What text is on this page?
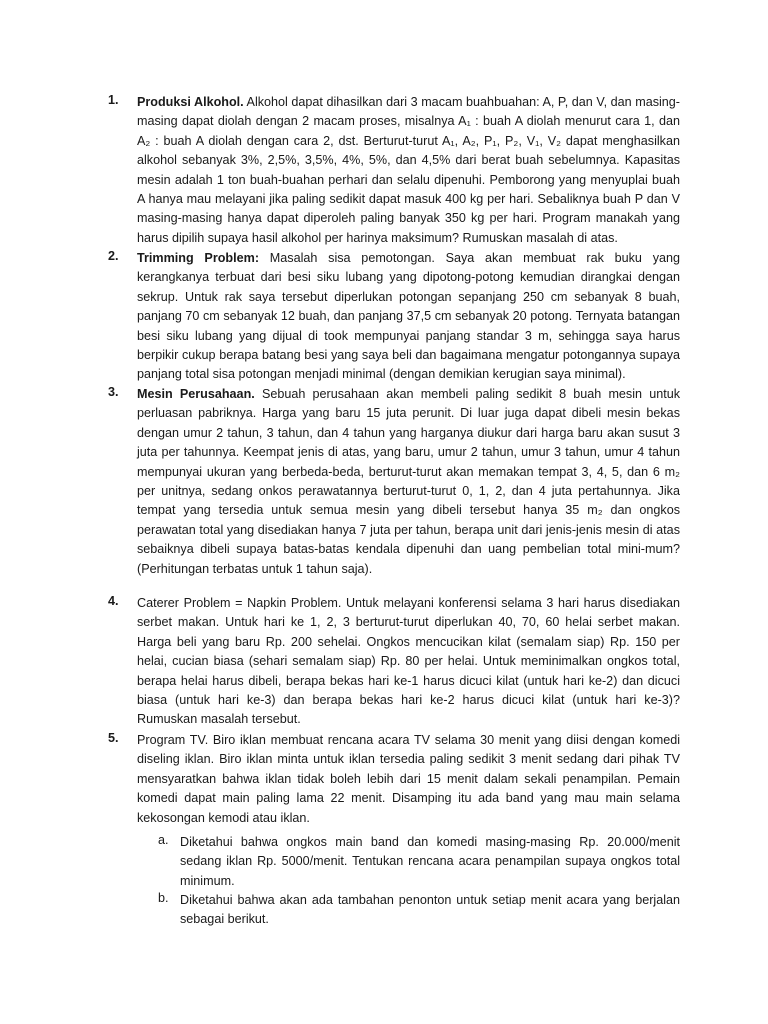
1. Produksi Alkohol. Alkohol dapat dihasilkan dari 3 macam buahbuahan: A, P, dan V, dan masing-masing dapat diolah dengan 2 macam proses, misalnya A₁ : buah A diolah menurut cara 1, dan A₂ : buah A diolah dengan cara 2, dst. Berturut-turut A₁, A₂, P₁, P₂, V₁, V₂ dapat menghasilkan alkohol sebanyak 3%, 2,5%, 3,5%, 4%, 5%, dan 4,5% dari berat buah sebelumnya. Kapasitas mesin adalah 1 ton buah-buahan perhari dan selalu dipenuhi. Pemborong yang menyuplai buah A hanya mau melayani jika paling sedikit dapat masuk 400 kg per hari. Sebaliknya buah P dan V masing-masing hanya dapat diperoleh paling banyak 350 kg per hari. Program manakah yang harus dipilih supaya hasil alkohol per harinya maksimum? Rumuskan masalah di atas.
2. Trimming Problem: Masalah sisa pemotongan. Saya akan membuat rak buku yang kerangkanya terbuat dari besi siku lubang yang dipotong-potong kemudian dirangkai dengan sekrup. Untuk rak saya tersebut diperlukan potongan sepanjang 250 cm sebanyak 8 buah, panjang 70 cm sebanyak 12 buah, dan panjang 37,5 cm sebanyak 20 potong. Ternyata batangan besi siku lubang yang dijual di took mempunyai panjang standar 3 m, sehingga saya harus berpikir cukup berapa batang besi yang saya beli dan bagaimana mengatur potongannya supaya panjang total sisa potongan menjadi minimal (dengan demikian kerugian saya minimal).
3. Mesin Perusahaan. Sebuah perusahaan akan membeli paling sedikit 8 buah mesin untuk perluasan pabriknya. Harga yang baru 15 juta perunit. Di luar juga dapat dibeli mesin bekas dengan umur 2 tahun, 3 tahun, dan 4 tahun yang harganya diukur dari harga baru akan susut 3 juta per tahunnya. Keempat jenis di atas, yang baru, umur 2 tahun, umur 3 tahun, umur 4 tahun mempunyai ukuran yang berbeda-beda, berturut-turut akan memakan tempat 3, 4, 5, dan 6 m₂ per unitnya, sedang onkos perawatannya berturut-turut 0, 1, 2, dan 4 juta pertahunnya. Jika tempat yang tersedia untuk semua mesin yang dibeli tersebut hanya 35 m₂ dan ongkos perawatan total yang disediakan hanya 7 juta per tahun, berapa unit dari jenis-jenis mesin di atas sebaiknya dibeli supaya batas-batas kendala dipenuhi dan uang pembelian total mini-mum? (Perhitungan terbatas untuk 1 tahun saja).
4. Caterer Problem = Napkin Problem. Untuk melayani konferensi selama 3 hari harus disediakan serbet makan. Untuk hari ke 1, 2, 3 berturut-turut diperlukan 40, 70, 60 helai serbet makan. Harga beli yang baru Rp. 200 sehelai. Ongkos mencucikan kilat (semalam siap) Rp. 150 per helai, cucian biasa (sehari semalam siap) Rp. 80 per helai. Untuk meminimalkan ongkos total, berapa helai harus dibeli, berapa bekas hari ke-1 harus dicuci kilat (untuk hari ke-2) dan dicuci biasa (untuk hari ke-3) dan berapa bekas hari ke-2 harus dicuci kilat (untuk hari ke-3)? Rumuskan masalah tersebut.
5. Program TV. Biro iklan membuat rencana acara TV selama 30 menit yang diisi dengan komedi diseling iklan. Biro iklan minta untuk iklan tersedia paling sedikit 3 menit sedang dari pihak TV mensyaratkan bahwa iklan tidak boleh lebih dari 15 menit dalam sekali penampilan. Pemain komedi dapat main paling lama 22 menit. Disamping itu ada band yang mau main selama kekosongan kemodi atau iklan.
a. Diketahui bahwa ongkos main band dan komedi masing-masing Rp. 20.000/menit sedang iklan Rp. 5000/menit. Tentukan rencana acara penampilan supaya ongkos total minimum.
b. Diketahui bahwa akan ada tambahan penonton untuk setiap menit acara yang berjalan sebagai berikut.
